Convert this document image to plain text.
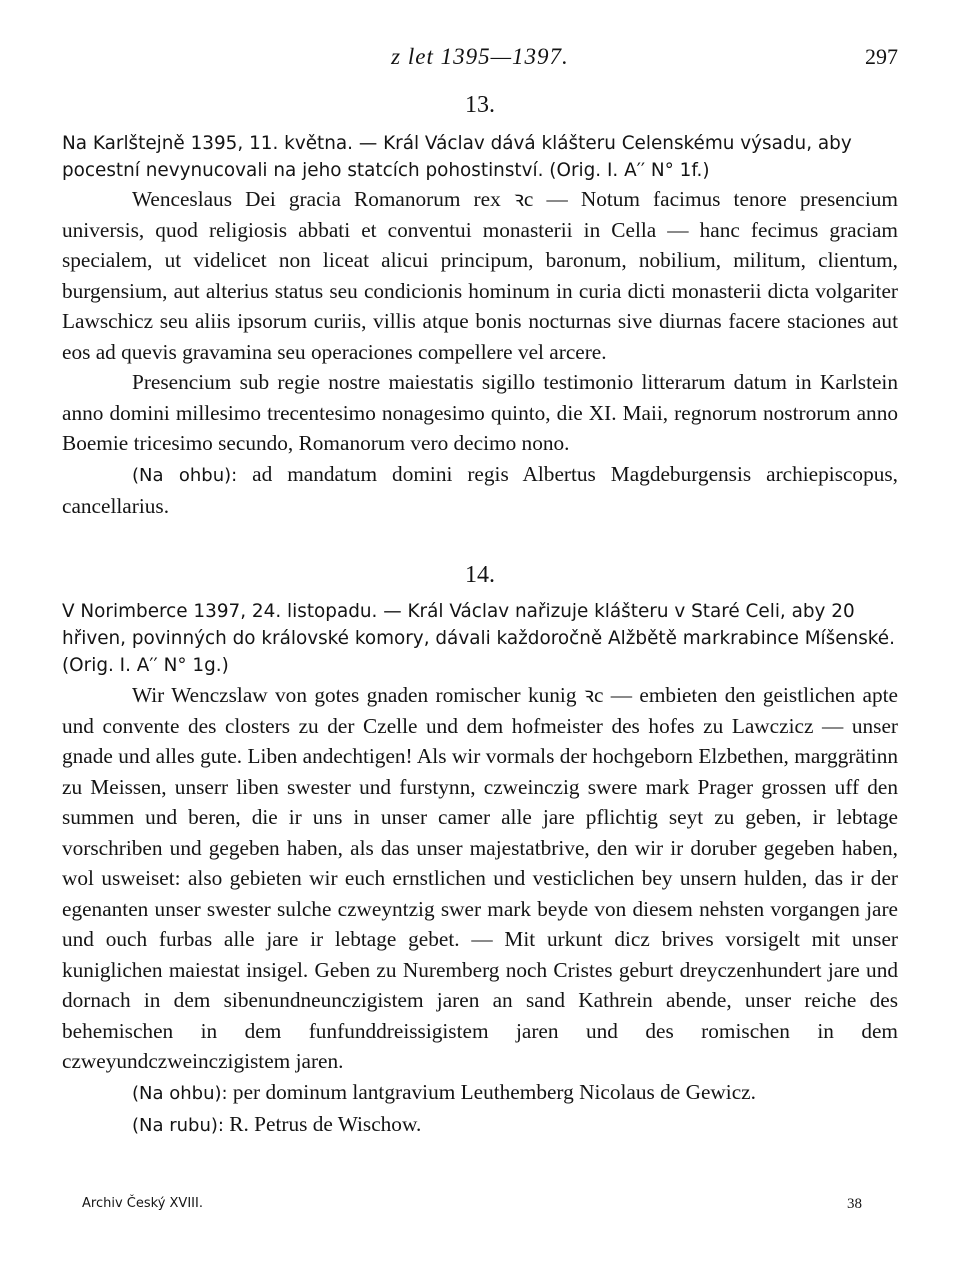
z let 1395—1397.	297
13.
Na Karlštejně 1395, 11. května. — Král Václav dává klášteru Celenskému výsadu, aby pocestní nevynucovali na jeho statcích pohostinství. (Orig. I. A′′ N° 1f.)

Wenceslaus Dei gracia Romanorum rex ꝛc — Notum facimus tenore presencium universis, quod religiosis abbati et conventui monasterii in Cella — hanc fecimus graciam specialem, ut videlicet non liceat alicui principum, baronum, nobilium, militum, clientum, burgensium, aut alterius status seu condicionis hominum in curia dicti monasterii dicta volgariter Lawschicz seu aliis ipsorum curiis, villis atque bonis nocturnas sive diurnas facere staciones aut eos ad quevis gravamina seu operaciones compellere vel arcere.

Presencium sub regie nostre maiestatis sigillo testimonio litterarum datum in Karlstein anno domini millesimo trecentesimo nonagesimo quinto, die XI. Maii, regnorum nostrorum anno Boemie tricesimo secundo, Romanorum vero decimo nono.

(Na ohbu): ad mandatum domini regis Albertus Magdeburgensis archiepiscopus, cancellarius.

14.
V Norimberce 1397, 24. listopadu. — Král Václav nařizuje klášteru v Staré Celi, aby 20 hřiven, povinných do královské komory, dávali každoročně Alžbětě markrabince Míšenské. (Orig. I. A′′ N° 1g.)

Wir Wenczslaw von gotes gnaden romischer kunig ꝛc — embieten den geistlichen apte und convente des closters zu der Czelle und dem hofmeister des hofes zu Lawczicz — unser gnade und alles gute. Liben andechtigen! Als wir vormals der hochgeborn Elzbethen, marggrätinn zu Meissen, unserr liben swester und furstynn, czweinczig swere mark Prager grossen uff den summen und beren, die ir uns in unser camer alle jare pflichtig seyt zu geben, ir lebtage vorschriben und gegeben haben, als das unser majestatbrive, den wir ir doruber gegeben haben, wol usweiset: also gebieten wir euch ernstlichen und vesticlichen bey unsern hulden, das ir der egenanten unser swester sulche czweyntzig swer mark beyde von diesem nehsten vorgangen jare und ouch furbas alle jare ir lebtage gebet. — Mit urkunt dicz brives vorsigelt mit unser kuniglichen maiestat insigel. Geben zu Nuremberg noch Cristes geburt dreyczenhundert jare und dornach in dem sibenundneunczigistem jaren an sand Kathrein abende, unser reiche des behemischen in dem funfunddreissigistem jaren und des romischen in dem czweyundczweinczigistem jaren.

(Na ohbu): per dominum lantgravium Leuthemberg Nicolaus de Gewicz.

(Na rubu): R. Petrus de Wischow.

Archiv Český XVIII.	38
